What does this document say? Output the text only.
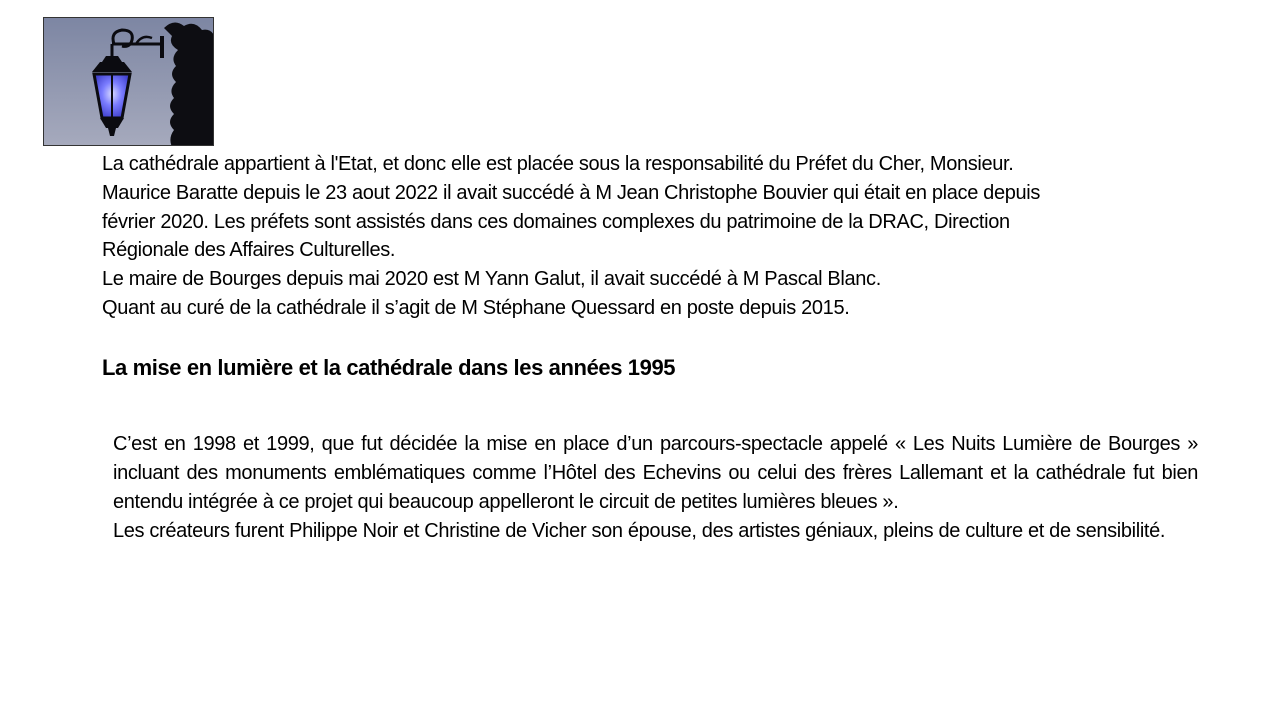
La cathédrale appartient à l'Etat, et donc elle est placée sous la responsabilité du Préfet du Cher, Monsieur.

Maurice Baratte depuis le 23 aout 2022 il avait succédé à M Jean Christophe Bouvier qui était en place depuis

février 2020. Les préfets sont assistés dans ces domaines complexes du patrimoine de la DRAC, Direction

Régionale des Affaires Culturelles.

Le maire de Bourges depuis mai 2020 est M Yann Galut, il avait succédé à M Pascal Blanc.

Quant au curé de la cathédrale il s’agit de M Stéphane Quessard en poste depuis 2015.

La mise en lumière et la cathédrale dans les années 1995

C’est en 1998 et 1999, que fut décidée la mise en place d’un parcours-spectacle appelé « Les Nuits Lumière de Bourges » incluant des monuments emblématiques comme l’Hôtel des Echevins ou celui des frères Lallemant et la cathédrale fut bien entendu intégrée à ce projet qui beaucoup appelleront le circuit de petites lumières bleues ».

Les créateurs furent Philippe Noir et Christine de Vicher son épouse, des artistes géniaux, pleins de culture et de sensibilité.
